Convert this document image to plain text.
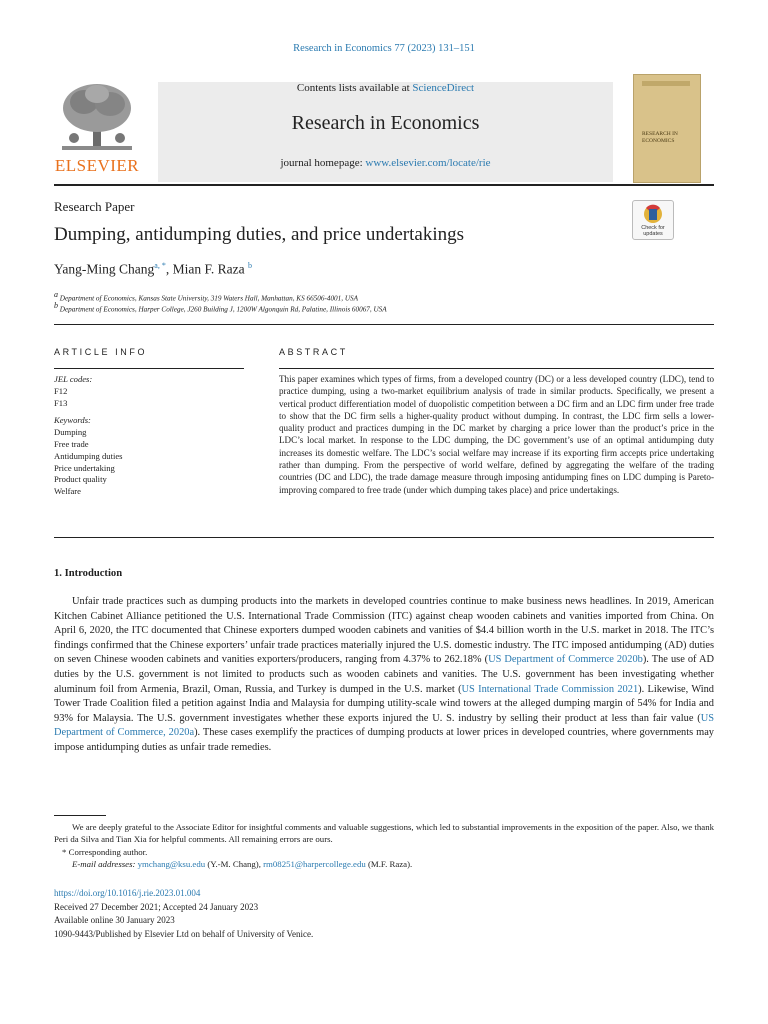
Research in Economics 77 (2023) 131–151
ELSEVIER
Contents lists available at ScienceDirect
Research in Economics
journal homepage: www.elsevier.com/locate/rie
RESEARCH IN ECONOMICS
Research Paper
Dumping, antidumping duties, and price undertakings	Check for updates
Yang-Ming Chang$^{a, *}$, Mian F. Raza $^b$
$^a$ Department of Economics, Kansas State University, 319 Waters Hall, Manhattan, KS 66506-4001, USA
$^b$ Department of Economics, Harper College, J260 Building J, 1200W Algonquin Rd, Palatine, Illinois 60067, USA
ARTICLE INFO	ABSTRACT
JEL codes:
F12
F13
Keywords:
Dumping
Free trade
Antidumping duties
Price undertaking
Product quality
Welfare
This paper examines which types of firms, from a developed country (DC) or a less developed country (LDC), tend to practice dumping, using a two-market equilibrium analysis of trade in similar products. Specifically, we present a vertical product differentiation model of duopolistic competition between a DC firm and an LDC firm under free trade to show that the DC firm sells a higher-quality product without dumping. In contrast, the LDC firm sells a lower-quality product and practices dumping in the DC market by charging a price lower than the product’s price in the LDC’s local market. In response to the LDC dumping, the DC government’s use of an optimal antidumping duty increases its domestic welfare. The LDC’s social welfare may increase if its exporting firm accepts price undertaking rather than dumping. From the perspective of world welfare, defined by aggregating the welfare of the trading countries (DC and LDC), the trade damage measure through imposing antidumping fines on LDC dumping is Pareto-improving compared to free trade (under which dumping takes place) and price undertakings.
1. Introduction
Unfair trade practices such as dumping products into the markets in developed countries continue to make business news headlines. In 2019, American Kitchen Cabinet Alliance petitioned the U.S. International Trade Commission (ITC) against cheap wooden cabinets and vanities imported from China. On April 6, 2020, the ITC documented that Chinese exporters dumped wooden cabinets and vanities of $4.4 billion worth in the U.S. market in 2018. The ITC’s findings confirmed that the Chinese exporters’ unfair trade practices materially injured the U.S. domestic industry. The ITC imposed antidumping (AD) duties on seven Chinese wooden cabinets and vanities exporters/producers, ranging from 4.37% to 262.18% (US Department of Commerce 2020b). The use of AD duties by the U.S. government is not limited to products such as wooden cabinets and vanities. The U.S. government has been investigating whether aluminum foil from Armenia, Brazil, Oman, Russia, and Turkey is dumped in the U.S. market (US International Trade Commission 2021). Likewise, Wind Tower Trade Coalition filed a petition against India and Malaysia for dumping utility-scale wind towers at the alleged dumping margin of 54% for India and 93% for Malaysia. The U.S. government investigates whether these exports injured the U. S. industry by selling their product at less than fair value (US Department of Commerce, 2020a). These cases exemplify the practices of dumping products at lower prices in developed countries, where governments may impose antidumping duties as unfair trade remedies.
We are deeply grateful to the Associate Editor for insightful comments and valuable suggestions, which led to substantial improvements in the exposition of the paper. Also, we thank Peri da Silva and Tian Xia for helpful comments. All remaining errors are ours.
* Corresponding author.
E-mail addresses: ymchang@ksu.edu (Y.-M. Chang), rm08251@harpercollege.edu (M.F. Raza).
https://doi.org/10.1016/j.rie.2023.01.004
Received 27 December 2021; Accepted 24 January 2023
Available online 30 January 2023
1090-9443/Published by Elsevier Ltd on behalf of University of Venice.
